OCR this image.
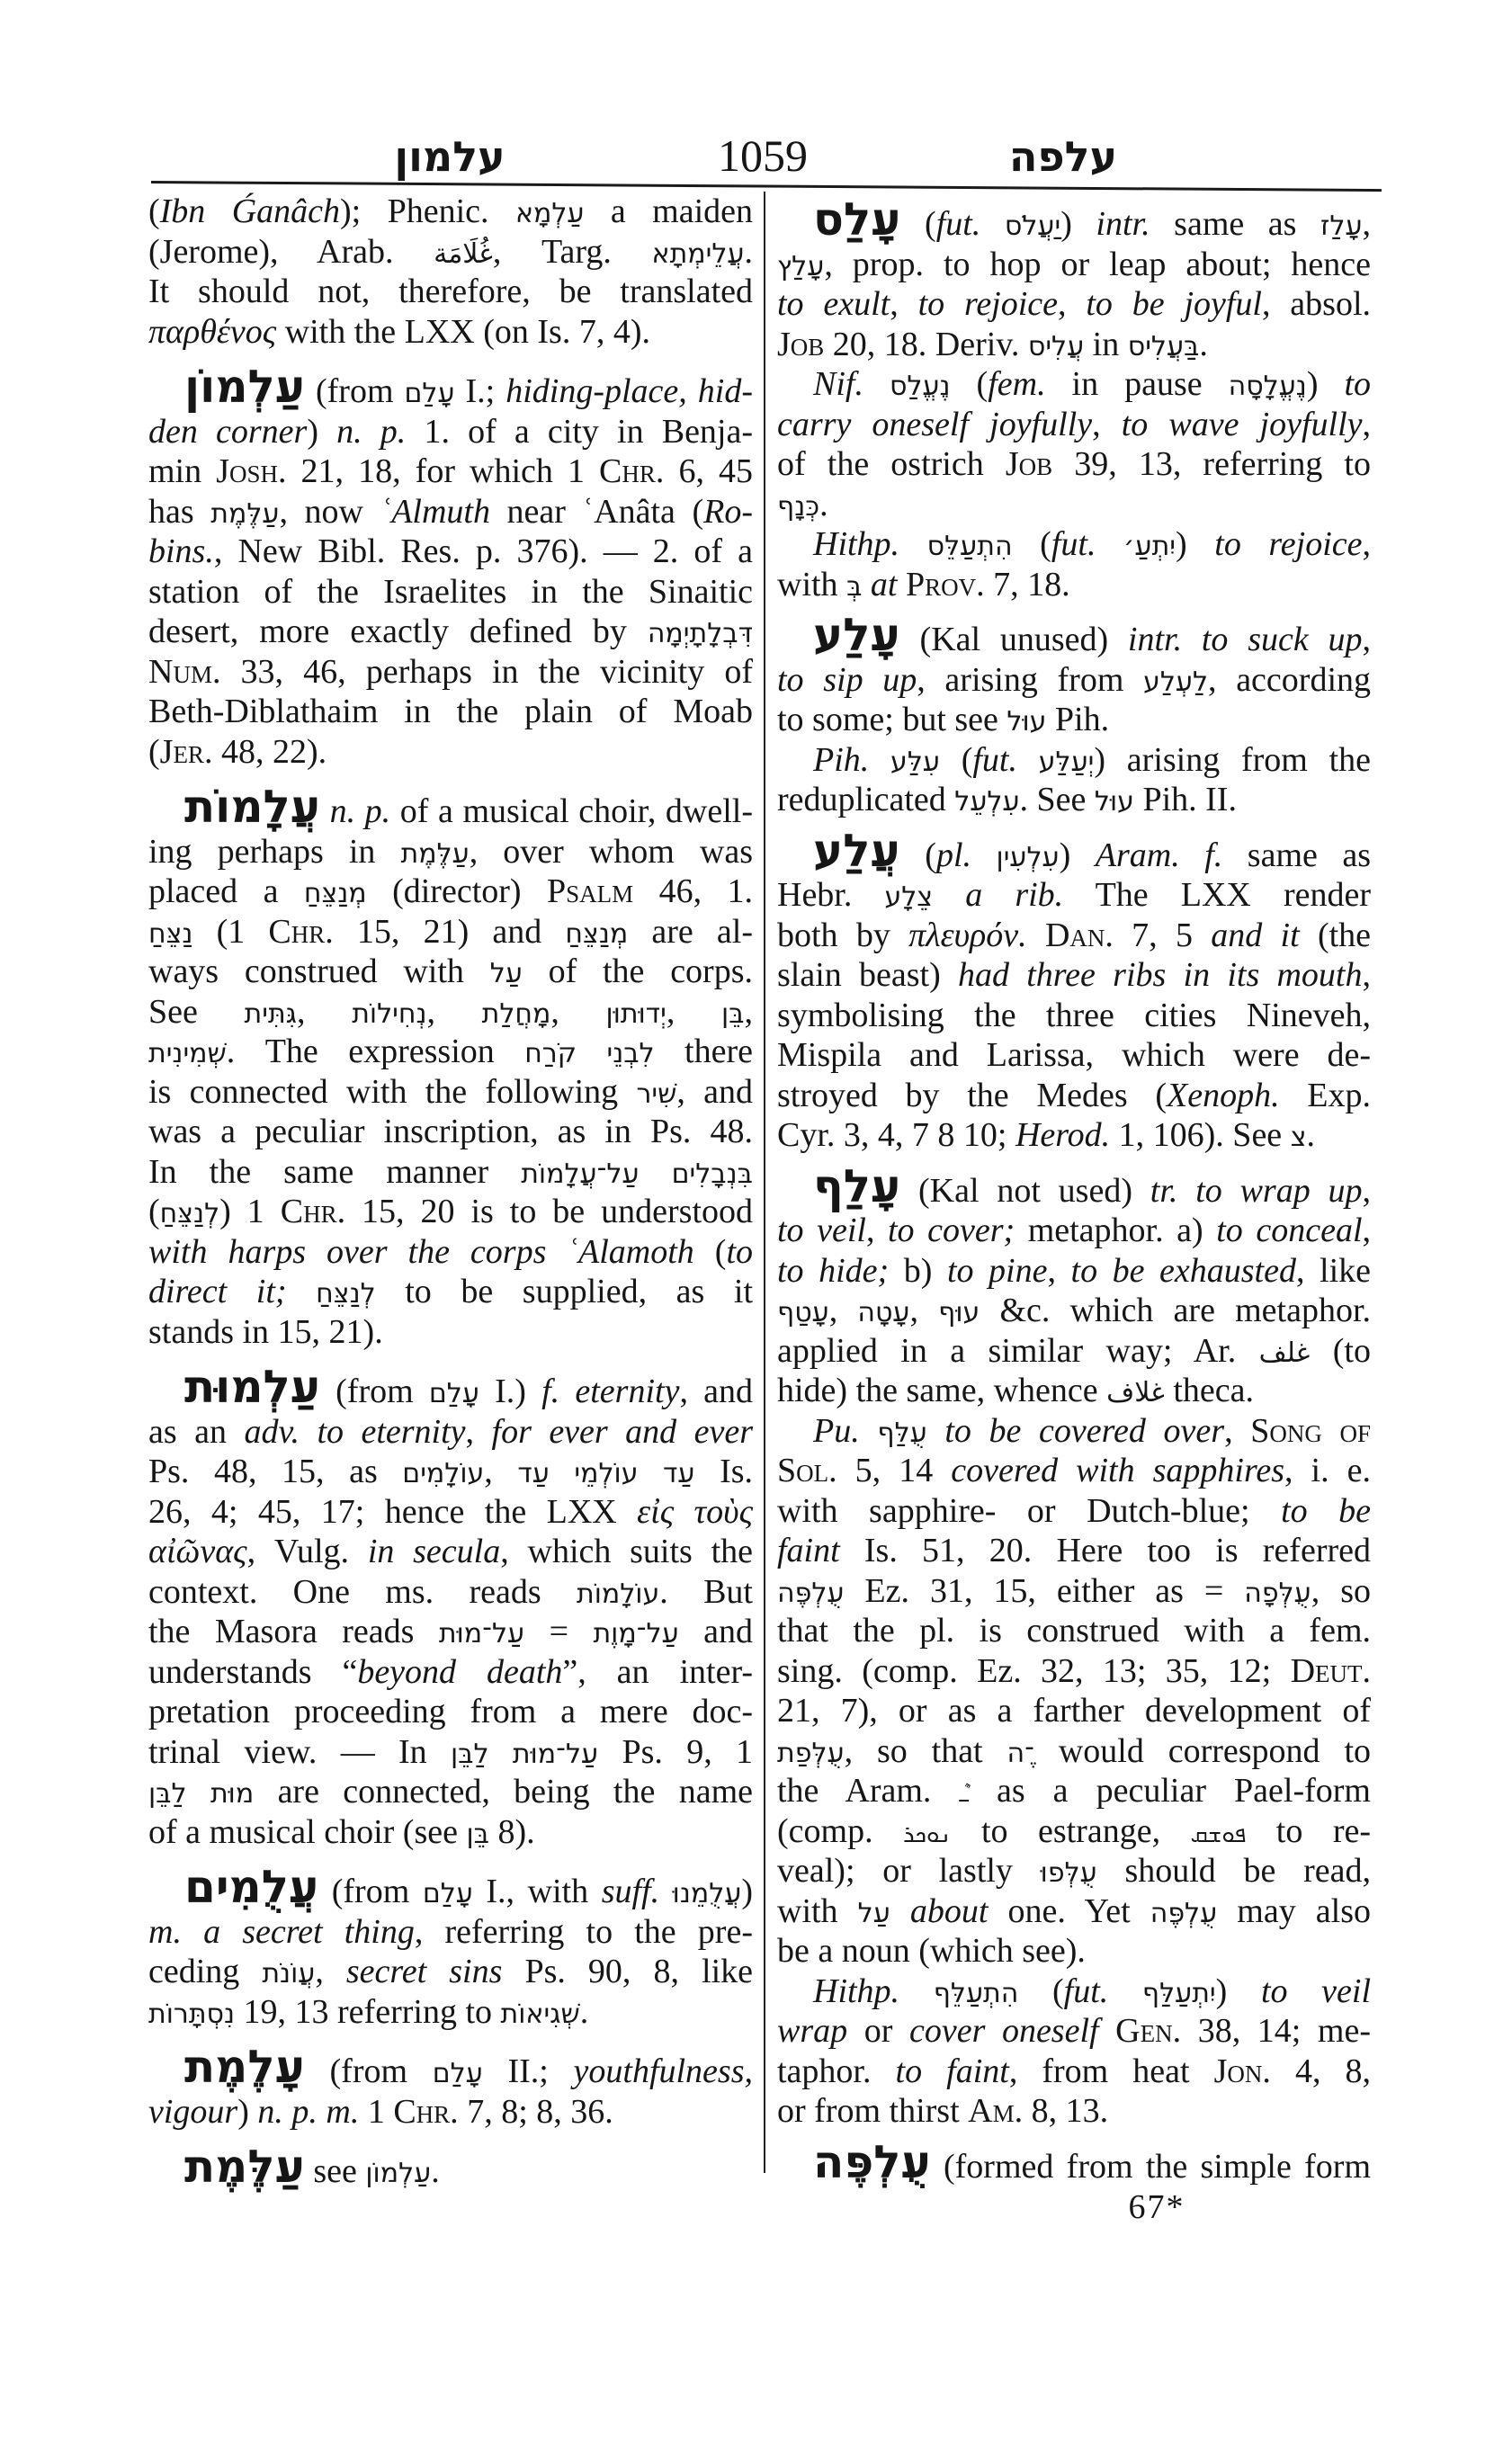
עלמון	1059	עלפה
(Ibn Ǵanâch); Phenic. עַלְמָא a maiden
(Jerome), Arab. غُلَامَة, Targ. עֲלֵימְתָא.
It should not, therefore, be translated
παρθένος with the LXX (on Is. 7, 4).
עַלְמוֹן (from עָלַם I.; hiding-place, hid-
den corner) n. p. 1. of a city in Benja-
min Josh. 21, 18, for which 1 Chr. 6, 45
has עַלֶּמֶת, now ʿAlmuth near ʿAnâta (Ro-
bins., New Bibl. Res. p. 376). — 2. of a
station of the Israelites in the Sinaitic
desert, more exactly defined by דִּבְלָתָיְמָה
Num. 33, 46, perhaps in the vicinity of
Beth-Diblathaim in the plain of Moab
(Jer. 48, 22).
עֲלָמוֹת n. p. of a musical choir, dwell-
ing perhaps in עַלֶּמֶת, over whom was
placed a מְנַצֵּחַ (director) Psalm 46, 1.
נַצֵּחַ (1 Chr. 15, 21) and מְנַצֵּחַ are al-
ways construed with עַל of the corps.
See גִּתִּית, נְחִילוֹת, מָחֲלַת, יְדוּתוּן, בֵּן,
שְׁמִינִית. The expression לִבְנֵי קֹרַח there
is connected with the following שִׁיר, and
was a peculiar inscription, as in Ps. 48.
In the same manner בִּנְבָלִים עַל־עֲלָמוֹת
(לְנַצֵּחַ) 1 Chr. 15, 20 is to be understood
with harps over the corps ʿAlamoth (to
direct it; לְנַצֵּחַ to be supplied, as it
stands in 15, 21).
עַלְמוּת (from עָלַם I.) f. eternity, and
as an adv. to eternity, for ever and ever
Ps. 48, 15, as עוֹלָמִים, עַד עוֹלְמֵי עַד Is.
26, 4; 45, 17; hence the LXX εἰς τοὺς
αἰῶνας, Vulg. in secula, which suits the
context. One ms. reads עוֹלָמוֹת. But
the Masora reads עַל־מוּת = עַל־מָוֶת and
understands “beyond death”, an inter-
pretation proceeding from a mere doc-
trinal view. — In עַל־מוּת לַבֵּן Ps. 9, 1
מוּת לַבֵּן are connected, being the name
of a musical choir (see בֵּן 8).
עֲלֻמִים (from עָלַם I., with suff. עֲלֻמֵנוּ)
m. a secret thing, referring to the pre-
ceding עֲוֹנֹת, secret sins Ps. 90, 8, like
נִסְתָּרוֹת 19, 13 referring to שְׁגִיאוֹת.
עָלֶמֶת (from עָלַם II.; youthfulness,
vigour) n. p. m. 1 Chr. 7, 8; 8, 36.
עַלֶּמֶת see עַלְמוֹן.
עָלַס (fut. יַעֲלֹס) intr. same as עָלַז,
עָלַץ, prop. to hop or leap about; hence
to exult, to rejoice, to be joyful, absol.
Job 20, 18. Deriv. עֲלִיס in בַּעֲלִיס.
Nif. נֶעֱלַס (fem. in pause נֶעֱלָסָה) to
carry oneself joyfully, to wave joyfully,
of the ostrich Job 39, 13, referring to
כְּנָף.
Hithp. הִתְעַלֵּס (fut. יִתְעַ׳) to rejoice,
with בְּ at Prov. 7, 18.
עָלַע (Kal unused) intr. to suck up,
to sip up, arising from לַעְלַע, according
to some; but see עוּל Pih.
Pih. עִלַּע (fut. יְעַלַּע) arising from the
reduplicated עִלְעֵל. See עוּל Pih. II.
עֲלַע (pl. עִלְעִין) Aram. f. same as
Hebr. צֵלָע a rib. The LXX render
both by πλευρόν. Dan. 7, 5 and it (the
slain beast) had three ribs in its mouth,
symbolising the three cities Nineveh,
Mispila and Larissa, which were de-
stroyed by the Medes (Xenoph. Exp.
Cyr. 3, 4, 7 8 10; Herod. 1, 106). See צ.
עָלַף (Kal not used) tr. to wrap up,
to veil, to cover; metaphor. a) to conceal,
to hide; b) to pine, to be exhausted, like
עָטַף, עָטָה, עוּף &c. which are metaphor.
applied in a similar way; Ar. غلف (to
hide) the same, whence غلاف theca.
Pu. עֻלַּף to be covered over, Song of
Sol. 5, 14 covered with sapphires, i. e.
with sapphire- or Dutch-blue; to be
faint Is. 51, 20. Here too is referred
עֻלְפֶּה Ez. 31, 15, either as = עֻלְּפָה, so
that the pl. is construed with a fem.
sing. (comp. Ez. 32, 13; 35, 12; Deut.
21, 7), or as a farther development of
עֻלְּפַת, so that ־ֶה would correspond to
the Aram. ـܶ as a peculiar Pael-form
(comp. ܢܘܟܪ to estrange, ܦܘܫܩ to re-
veal); or lastly עֻלְּפוּ should be read,
with עַל about one. Yet עֻלְפֶּה may also
be a noun (which see).
Hithp. הִתְעַלֵּף (fut. יִתְעַלַּף) to veil
wrap or cover oneself Gen. 38, 14; me-
taphor. to faint, from heat Jon. 4, 8,
or from thirst Am. 8, 13.
עֻלְפֶּה (formed from the simple form
67*
